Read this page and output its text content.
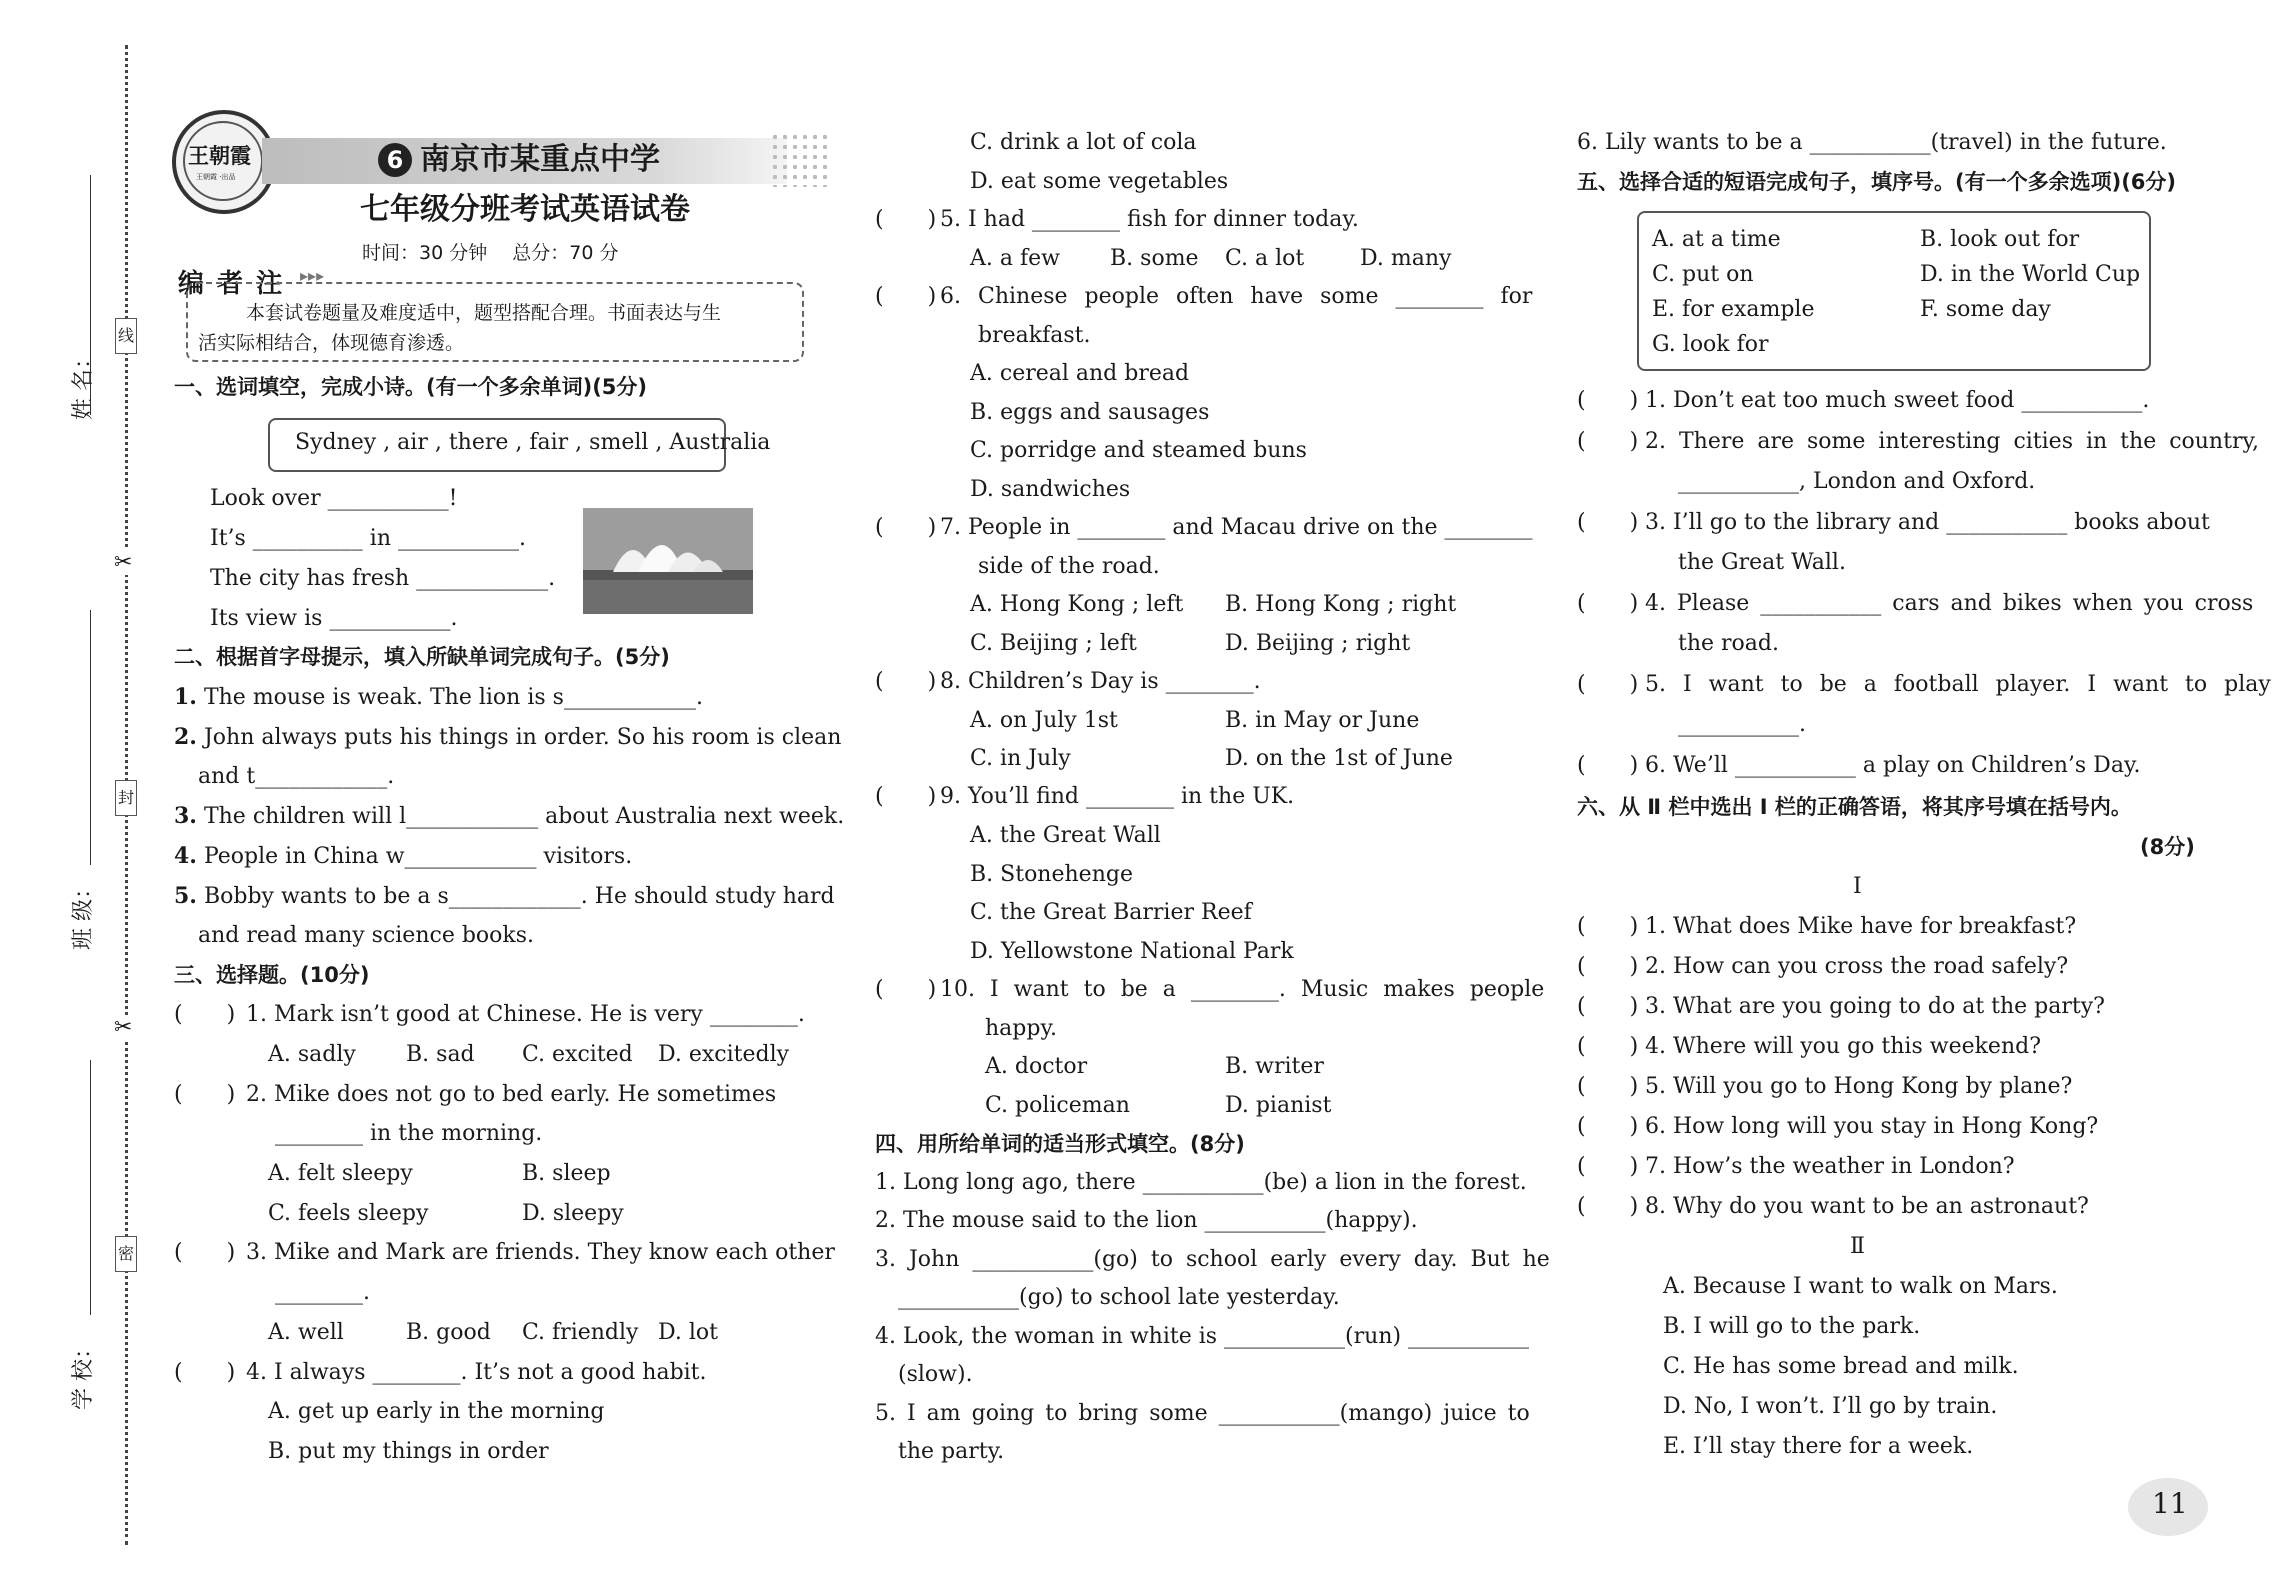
姓 名：
班 级：
学 校：
线
封
密
✂
✂
王朝霞
王朝霞 ·出品
6 南京市某重点中学
七年级分班考试英语试卷
时间：30 分钟　 总分：70 分
编 者 注 ▸▸▸
本套试卷题量及难度适中，题型搭配合理。书面表达与生
活实际相结合，体现德育渗透。
一、选词填空，完成小诗。(有一个多余单词)(5分)
Sydney , air , there , fair , smell , Australia
Look over ___________!
It’s __________ in ___________.
The city has fresh ____________.
Its view is ___________.
二、根据首字母提示，填入所缺单词完成句子。(5分)
1. The mouse is weak. The lion is s____________.
2. John always puts his things in order. So his room is clean
and t____________.
3. The children will l____________ about Australia next week.
4. People in China w____________ visitors.
5. Bobby wants to be a s____________. He should study hard
and read many science books.
三、选择题。(10分)
(　　) 1. Mark isn’t good at Chinese. He is very ________.
A. sadly B. sad C. excited D. excitedly
(　　) 2. Mike does not go to bed early. He sometimes
________ in the morning.
A. felt sleepy	B. sleep
C. feels sleepy	D. sleepy
(　　) 3. Mike and Mark are friends. They know each other
________.
A. well	B. good C. friendly D. lot
(　　) 4. I always ________. It’s not a good habit.
A. get up early in the morning
B. put my things in order
C. drink a lot of cola
D. eat some vegetables
(　　) 5. I had ________ fish for dinner today.
A. a few B. some C. a lot	D. many
(　　) 6. Chinese people often have some ________ for
breakfast.
A. cereal and bread
B. eggs and sausages
C. porridge and steamed buns
D. sandwiches
(　　) 7. People in ________ and Macau drive on the ________
side of the road.
A. Hong Kong ; left B. Hong Kong ; right
C. Beijing ; left	D. Beijing ; right
(　　) 8. Children’s Day is ________.
A. on July 1st	B. in May or June
C. in July	D. on the 1st of June
(　　) 9. You’ll find ________ in the UK.
A. the Great Wall
B. Stonehenge
C. the Great Barrier Reef
D. Yellowstone National Park
(　　) 10. I want to be a ________. Music makes people
happy.
A. doctor	B. writer
C. policeman	D. pianist
四、用所给单词的适当形式填空。(8分)
1. Long long ago, there ___________(be) a lion in the forest.
2. The mouse said to the lion ___________(happy).
3. John ___________(go) to school early every day. But he
___________(go) to school late yesterday.
4. Look, the woman in white is ___________(run) ___________
(slow).
5. I am going to bring some ___________(mango) juice to
the party.
6. Lily wants to be a ___________(travel) in the future.
五、选择合适的短语完成句子，填序号。(有一个多余选项)(6分)
A. at a time	B. look out for
C. put on	D. in the World Cup
E. for example	F. some day
G. look for
(　　) 1. Don’t eat too much sweet food ___________.
(　　) 2. There are some interesting cities in the country,
___________, London and Oxford.
(　　) 3. I’ll go to the library and ___________ books about
the Great Wall.
(　　) 4. Please ___________ cars and bikes when you cross
the road.
(　　) 5. I want to be a football player. I want to play
___________.
(　　) 6. We’ll ___________ a play on Children’s Day.
六、从 Ⅱ 栏中选出 Ⅰ 栏的正确答语，将其序号填在括号内。
(8分)
Ⅰ
(　　) 1. What does Mike have for breakfast?
(　　) 2. How can you cross the road safely?
(　　) 3. What are you going to do at the party?
(　　) 4. Where will you go this weekend?
(　　) 5. Will you go to Hong Kong by plane?
(　　) 6. How long will you stay in Hong Kong?
(　　) 7. How’s the weather in London?
(　　) 8. Why do you want to be an astronaut?
Ⅱ
A. Because I want to walk on Mars.
B. I will go to the park.
C. He has some bread and milk.
D. No, I won’t. I’ll go by train.
E. I’ll stay there for a week.
11
